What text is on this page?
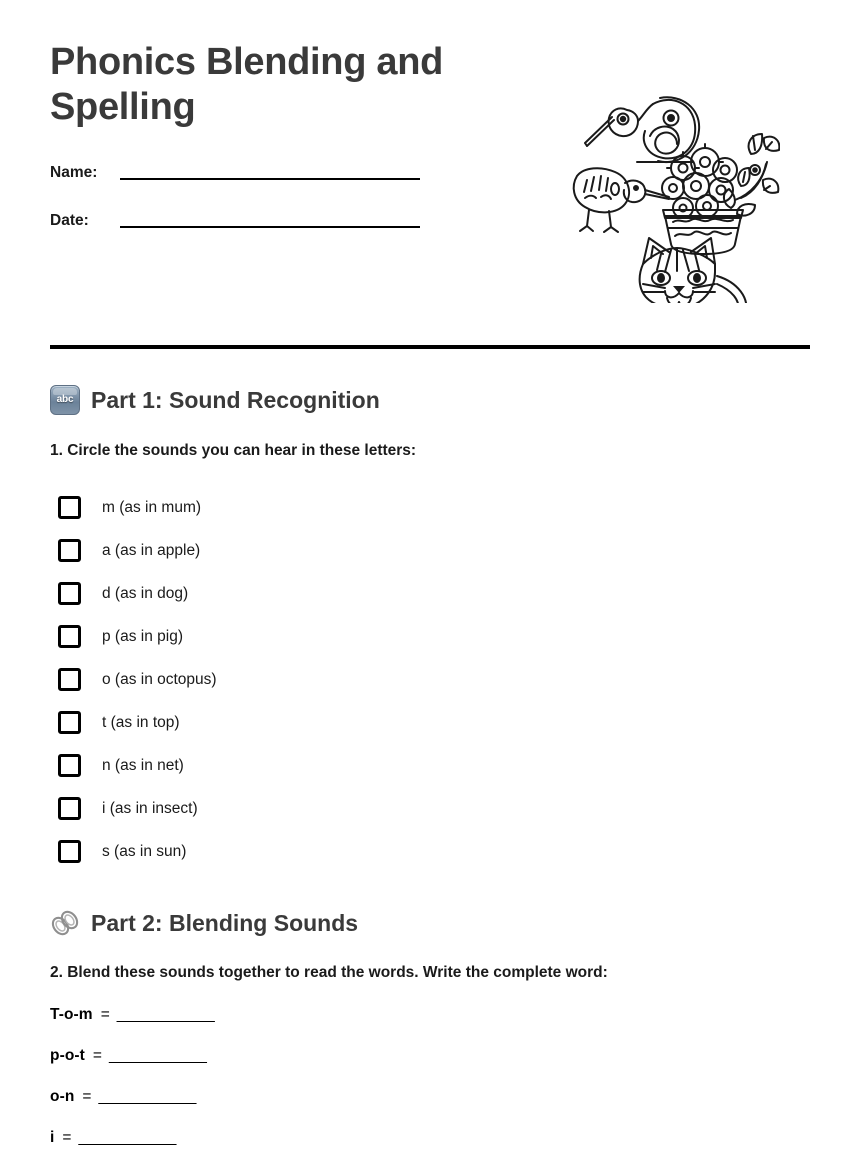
Phonics Blending and Spelling
Name:
Date:
abc Part 1: Sound Recognition
1. Circle the sounds you can hear in these letters:
m (as in mum)
a (as in apple)
d (as in dog)
p (as in pig)
o (as in octopus)
t (as in top)
n (as in net)
i (as in insect)
s (as in sun)
Part 2: Blending Sounds
2. Blend these sounds together to read the words. Write the complete word:
T-o-m = ____________
p-o-t = ____________
o-n = ____________
i = ____________
